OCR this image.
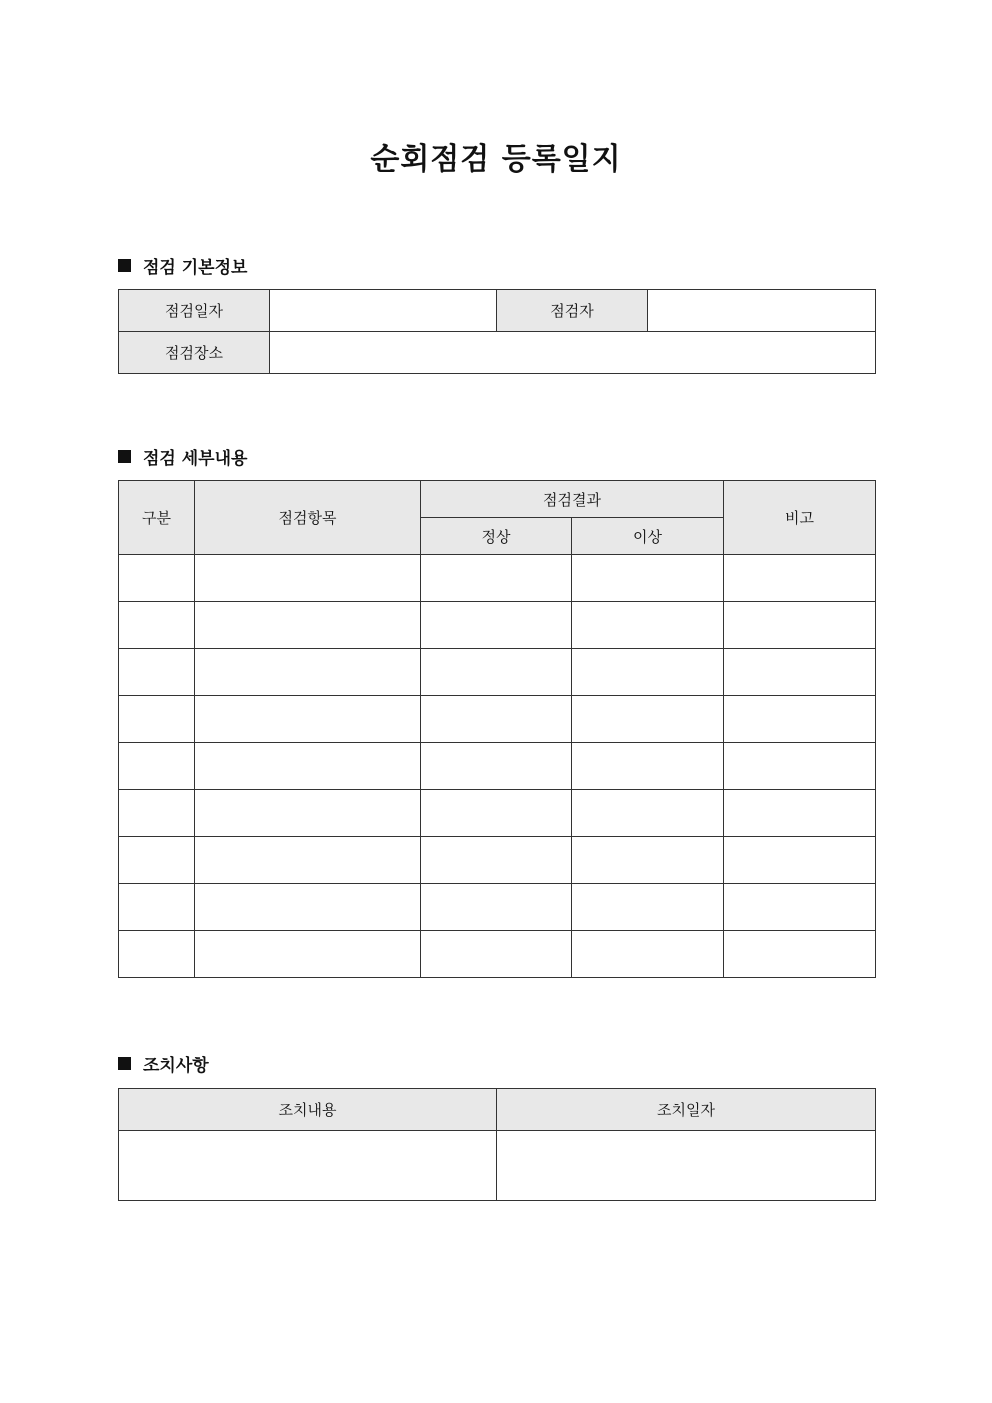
순회점검 등록일지
점검 기본정보
점검일자		점검자	
점검장소			
점검 세부내용
구분	점검항목	점검결과		비고
		정상	이상	

조치사항
조치내용	조치일자
